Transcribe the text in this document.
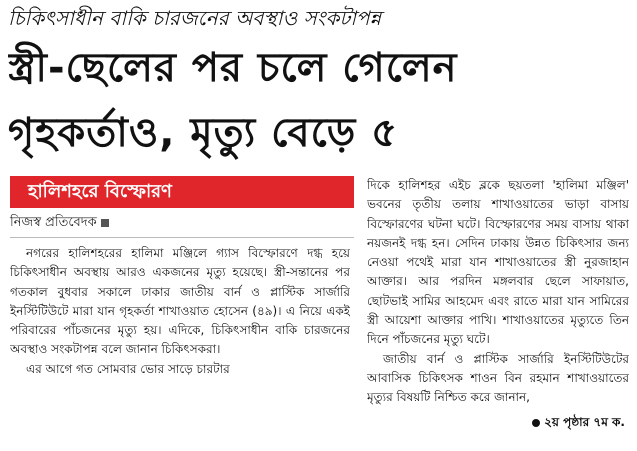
চিকিৎসাধীন বাকি চারজনের অবস্থাও সংকটাপন্ন
স্ত্রী-ছেলের পর চলে গেলেন
গৃহকর্তাও, মৃত্যু বেড়ে ৫
হালিশহরে বিস্ফোরণ
নিজস্ব প্রতিবেদক

নগরের হালিশহরের হালিমা মঞ্জিলে গ্যাস বিস্ফোরণে দগ্ধ হয়ে চিকিৎসাধীন অবস্থায় আরও একজনের মৃত্যু হয়েছে। স্ত্রী-সন্তানের পর গতকাল বুধবার সকালে ঢাকার জাতীয় বার্ন ও প্লাস্টিক সার্জারি ইনস্টিটিউটে মারা যান গৃহকর্তা শাখাওয়াত হোসেন (৪৯)। এ নিয়ে একই পরিবারের পাঁচজনের মৃত্যু হয়। এদিকে, চিকিৎসাধীন বাকি চারজনের অবস্থাও সংকটাপন্ন বলে জানান চিকিৎসকরা।

এর আগে গত সোমবার ভোর সাড়ে চারটার

দিকে হালিশহর এইচ ব্লকে ছয়তলা 'হালিমা মঞ্জিল' ভবনের তৃতীয় তলায় শাখাওয়াতের ভাড়া বাসায় বিস্ফোরণের ঘটনা ঘটে। বিস্ফোরণের সময় বাসায় থাকা নয়জনই দগ্ধ হন। সেদিন ঢাকায় উন্নত চিকিৎসার জন্য নেওয়া পথেই মারা যান শাখাওয়াতের স্ত্রী নুরজাহান আক্তার। আর পরদিন মঙ্গলবার ছেলে সাফায়াত, ছোটভাই সামির আহমেদ এবং রাতে মারা যান সামিরের স্ত্রী আয়েশা আক্তার পাখি। শাখাওয়াতের মৃত্যুতে তিন দিনে পাঁচজনের মৃত্যু ঘটে।

জাতীয় বার্ন ও প্লাস্টিক সার্জারি ইনস্টিটিউটের আবাসিক চিকিৎসক শাওন বিন রহমান শাখাওয়াতের মৃত্যুর বিষয়টি নিশ্চিত করে জানান,

২য় পৃষ্ঠার ৭ম ক.
